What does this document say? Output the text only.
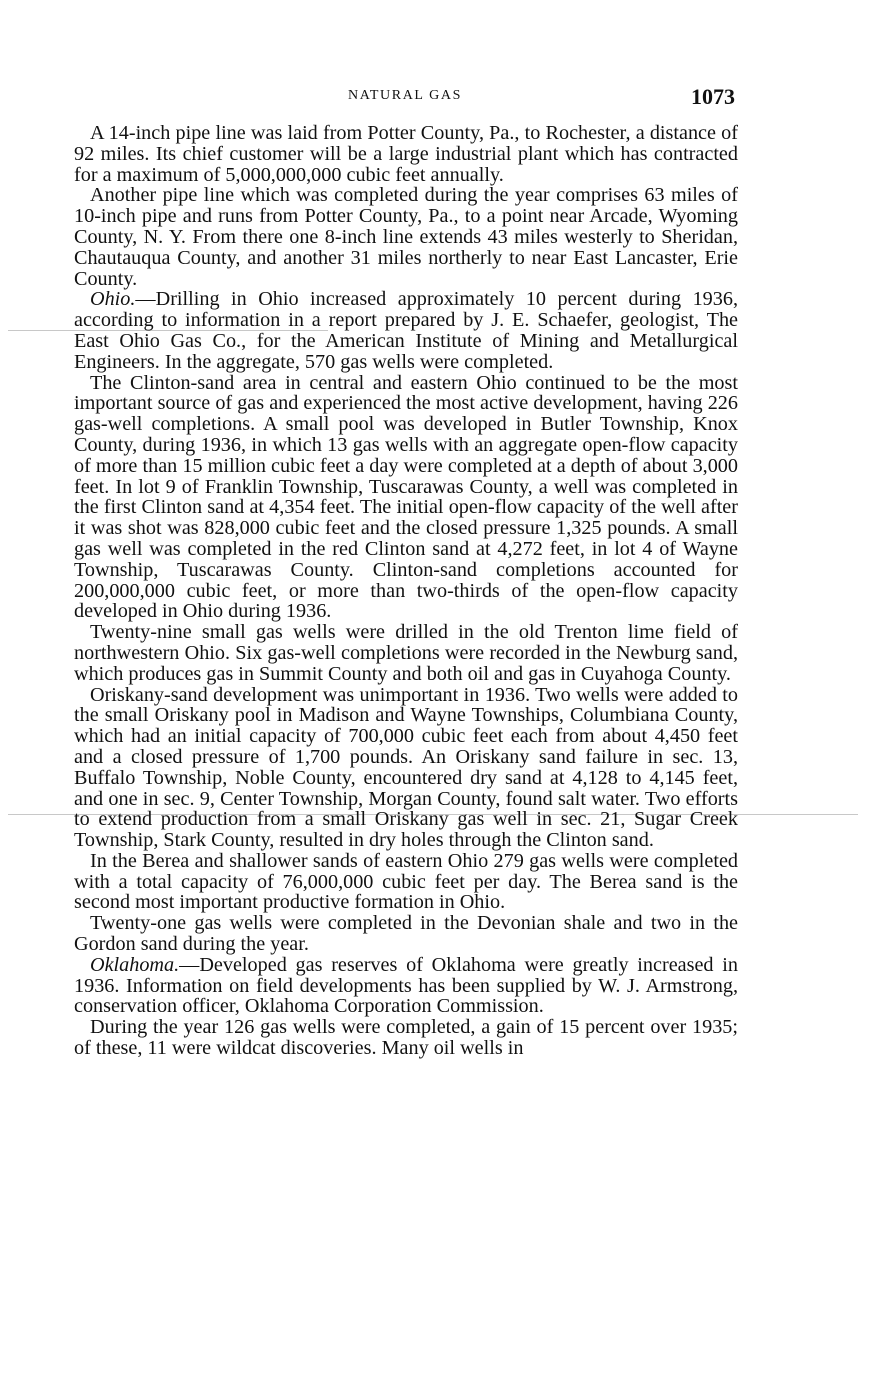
NATURAL GAS	1073

A 14-inch pipe line was laid from Potter County, Pa., to Rochester, a distance of 92 miles. Its chief customer will be a large industrial plant which has contracted for a maximum of 5,000,000,000 cubic feet annually.

Another pipe line which was completed during the year comprises 63 miles of 10-inch pipe and runs from Potter County, Pa., to a point near Arcade, Wyoming County, N. Y. From there one 8-inch line extends 43 miles westerly to Sheridan, Chautauqua County, and another 31 miles northerly to near East Lancaster, Erie County.

Ohio.—Drilling in Ohio increased approximately 10 percent during 1936, according to information in a report prepared by J. E. Schaefer, geologist, The East Ohio Gas Co., for the American Institute of Mining and Metallurgical Engineers. In the aggregate, 570 gas wells were completed.

The Clinton-sand area in central and eastern Ohio continued to be the most important source of gas and experienced the most active development, having 226 gas-well completions. A small pool was developed in Butler Township, Knox County, during 1936, in which 13 gas wells with an aggregate open-flow capacity of more than 15 million cubic feet a day were completed at a depth of about 3,000 feet. In lot 9 of Franklin Township, Tuscarawas County, a well was completed in the first Clinton sand at 4,354 feet. The initial open-flow capacity of the well after it was shot was 828,000 cubic feet and the closed pressure 1,325 pounds. A small gas well was completed in the red Clinton sand at 4,272 feet, in lot 4 of Wayne Township, Tuscarawas County. Clinton-sand completions accounted for 200,000,000 cubic feet, or more than two-thirds of the open-flow capacity developed in Ohio during 1936.

Twenty-nine small gas wells were drilled in the old Trenton lime field of northwestern Ohio. Six gas-well completions were recorded in the Newburg sand, which produces gas in Summit County and both oil and gas in Cuyahoga County.

Oriskany-sand development was unimportant in 1936. Two wells were added to the small Oriskany pool in Madison and Wayne Townships, Columbiana County, which had an initial capacity of 700,000 cubic feet each from about 4,450 feet and a closed pressure of 1,700 pounds. An Oriskany sand failure in sec. 13, Buffalo Township, Noble County, encountered dry sand at 4,128 to 4,145 feet, and one in sec. 9, Center Township, Morgan County, found salt water. Two efforts to extend production from a small Oriskany gas well in sec. 21, Sugar Creek Township, Stark County, resulted in dry holes through the Clinton sand.

In the Berea and shallower sands of eastern Ohio 279 gas wells were completed with a total capacity of 76,000,000 cubic feet per day. The Berea sand is the second most important productive formation in Ohio.

Twenty-one gas wells were completed in the Devonian shale and two in the Gordon sand during the year.

Oklahoma.—Developed gas reserves of Oklahoma were greatly increased in 1936. Information on field developments has been supplied by W. J. Armstrong, conservation officer, Oklahoma Corporation Commission.

During the year 126 gas wells were completed, a gain of 15 percent over 1935; of these, 11 were wildcat discoveries. Many oil wells in
